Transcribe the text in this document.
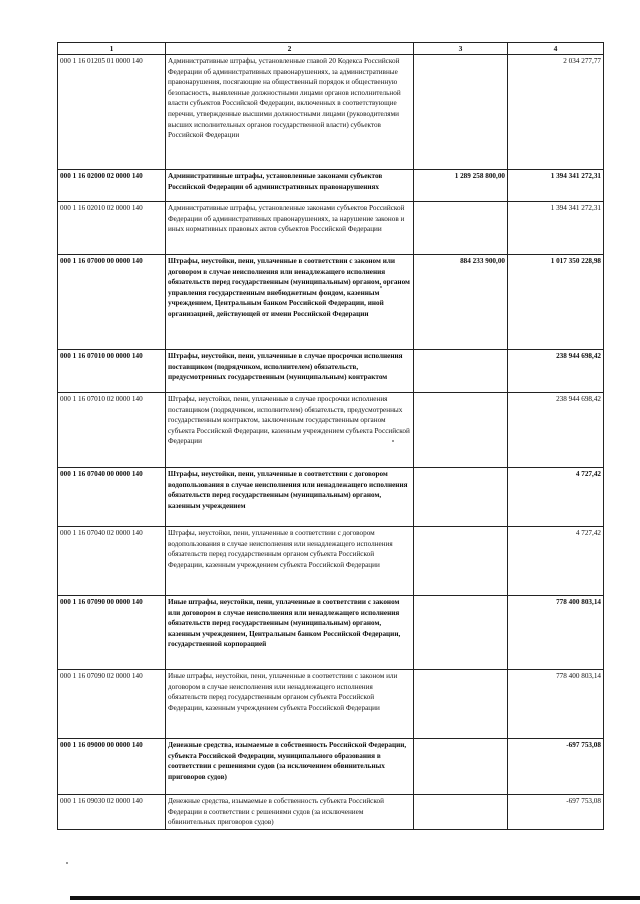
1	2	3	4
000 1 16 01205 01 0000 140	Административные штрафы, установленные главой 20 Кодекса Российской Федерации об административных правонарушениях, за административные правонарушения, посягающие на общественный порядок и общественную безопасность, выявленные должностными лицами органов исполнительной власти субъектов Российской Федерации, включенных в соответствующие перечни, утвержденные высшими должностными лицами (руководителями высших исполнительных органов государственной власти) субъектов Российской Федерации		2 034 277,77
000 1 16 02000 02 0000 140	Административные штрафы, установленные законами субъектов Российской Федерации об административных правонарушениях	1 289 258 800,00	1 394 341 272,31
000 1 16 02010 02 0000 140	Административные штрафы, установленные законами субъектов Российской Федерации об административных правонарушениях, за нарушение законов и иных нормативных правовых актов субъектов Российской Федерации		1 394 341 272,31
000 1 16 07000 00 0000 140	Штрафы, неустойки, пени, уплаченные в соответствии с законом или договором в случае неисполнения или ненадлежащего исполнения обязательств перед государственным (муниципальным) органом, органом управления государственным внебюджетным фондом, казенным учреждением, Центральным банком Российской Федерации, иной организацией, действующей от имени Российской Федерации	884 233 900,00	1 017 350 228,98
000 1 16 07010 00 0000 140	Штрафы, неустойки, пени, уплаченные в случае просрочки исполнения поставщиком (подрядчиком, исполнителем) обязательств, предусмотренных государственным (муниципальным) контрактом		238 944 698,42
000 1 16 07010 02 0000 140	Штрафы, неустойки, пени, уплаченные в случае просрочки исполнения поставщиком (подрядчиком, исполнителем) обязательств, предусмотренных государственным контрактом, заключенным государственным органом субъекта Российской Федерации, казенным учреждением субъекта Российской Федерации		238 944 698,42
000 1 16 07040 00 0000 140	Штрафы, неустойки, пени, уплаченные в соответствии с договором водопользования в случае неисполнения или ненадлежащего исполнения обязательств перед государственным (муниципальным) органом, казенным учреждением		4 727,42
000 1 16 07040 02 0000 140	Штрафы, неустойки, пени, уплаченные в соответствии с договором водопользования в случае неисполнения или ненадлежащего исполнения обязательств перед государственным органом субъекта Российской Федерации, казенным учреждением субъекта Российской Федерации		4 727,42
000 1 16 07090 00 0000 140	Иные штрафы, неустойки, пени, уплаченные в соответствии с законом или договором в случае неисполнения или ненадлежащего исполнения обязательств перед государственным (муниципальным) органом, казенным учреждением, Центральным банком Российской Федерации, государственной корпорацией		778 400 803,14
000 1 16 07090 02 0000 140	Иные штрафы, неустойки, пени, уплаченные в соответствии с законом или договором в случае неисполнения или ненадлежащего исполнения обязательств перед государственным органом субъекта Российской Федерации, казенным учреждением субъекта Российской Федерации		778 400 803,14
000 1 16 09000 00 0000 140	Денежные средства, изымаемые в собственность Российской Федерации, субъекта Российской Федерации, муниципального образования в соответствии с решениями судов (за исключением обвинительных приговоров судов)		-697 753,08
000 1 16 09030 02 0000 140	Денежные средства, изымаемые в собственность субъекта Российской Федерации в соответствии с решениями судов (за исключением обвинительных приговоров судов)		-697 753,08
